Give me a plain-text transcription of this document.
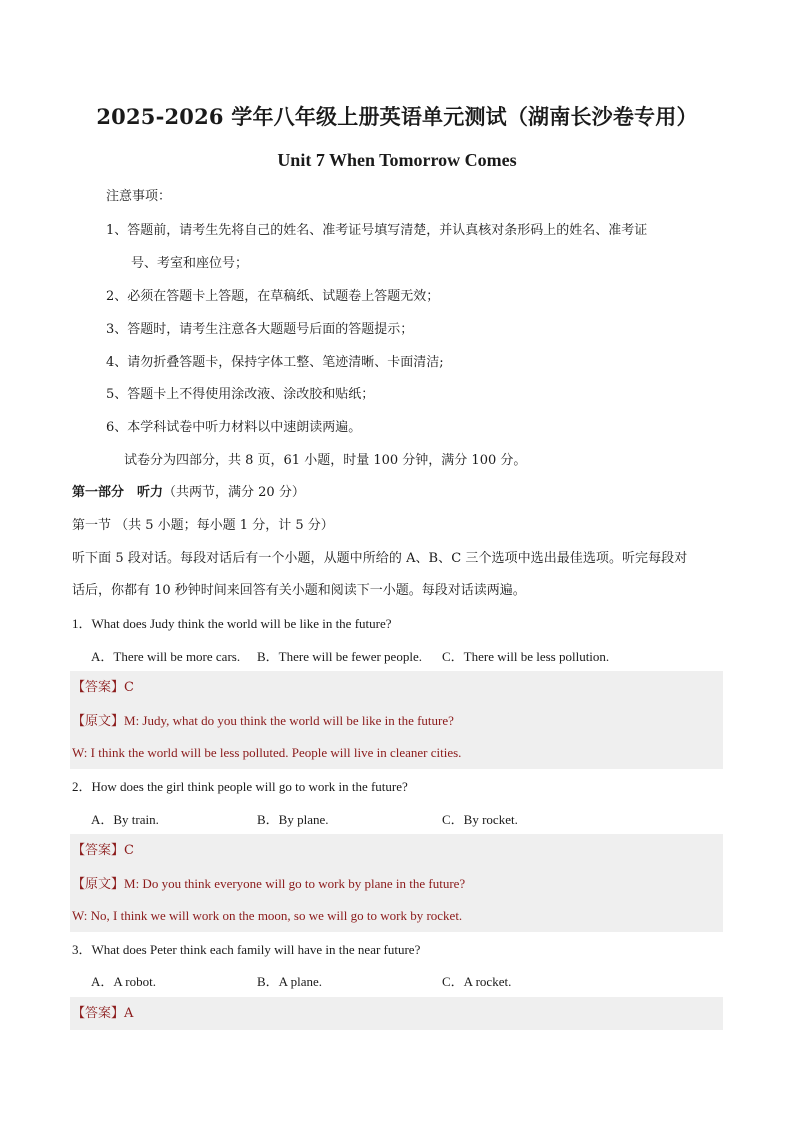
2025-2026 学年八年级上册英语单元测试（湖南长沙卷专用）
Unit 7 When Tomorrow Comes
注意事项：
1、答题前，请考生先将自己的姓名、准考证号填写清楚，并认真核对条形码上的姓名、准考证
号、考室和座位号；
2、必须在答题卡上答题，在草稿纸、试题卷上答题无效；
3、答题时，请考生注意各大题题号后面的答题提示；
4、请勿折叠答题卡，保持字体工整、笔迹清晰、卡面清洁;
5、答题卡上不得使用涂改液、涂改胶和贴纸；
6、本学科试卷中听力材料以中速朗读两遍。
试卷分为四部分，共 8 页，61 小题，时量 100 分钟，满分 100 分。
第一部分　听力（共两节，满分 20 分）
第一节 （共 5 小题；每小题 1 分，计 5 分）
听下面 5 段对话。每段对话后有一个小题，从题中所给的 A、B、C 三个选项中选出最佳选项。听完每段对
话后，你都有 10 秒钟时间来回答有关小题和阅读下一小题。每段对话读两遍。
1．What does Judy think the world will be like in the future?
A．There will be more cars. B．There will be fewer people. C．There will be less pollution.
【答案】C
【原文】M: Judy, what do you think the world will be like in the future?
W: I think the world will be less polluted. People will live in cleaner cities.
2．How does the girl think people will go to work in the future?
A．By train.	B．By plane.	C．By rocket.
【答案】C
【原文】M: Do you think everyone will go to work by plane in the future?
W: No, I think we will work on the moon, so we will go to work by rocket.
3．What does Peter think each family will have in the near future?
A．A robot.	B．A plane.	C．A rocket.
【答案】A
